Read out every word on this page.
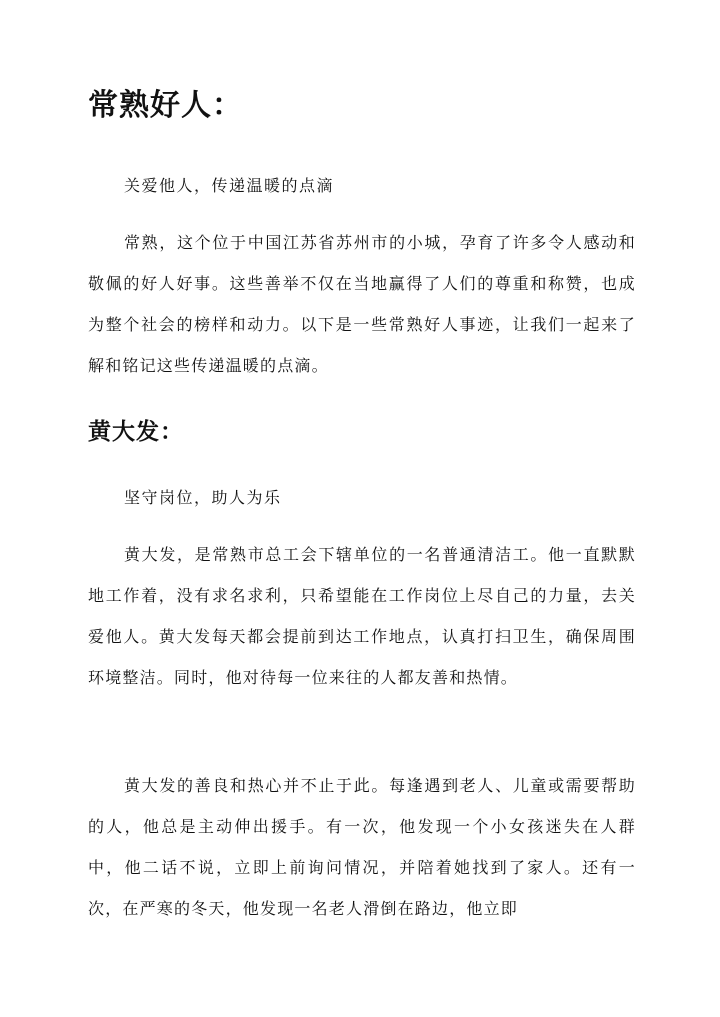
常熟好人：

关爱他人，传递温暖的点滴

常熟，这个位于中国江苏省苏州市的小城，孕育了许多令人感动和敬佩的好人好事。这些善举不仅在当地赢得了人们的尊重和称赞，也成为整个社会的榜样和动力。以下是一些常熟好人事迹，让我们一起来了解和铭记这些传递温暖的点滴。

黄大发：

坚守岗位，助人为乐

黄大发，是常熟市总工会下辖单位的一名普通清洁工。他一直默默地工作着，没有求名求利，只希望能在工作岗位上尽自己的力量，去关爱他人。黄大发每天都会提前到达工作地点，认真打扫卫生，确保周围环境整洁。同时，他对待每一位来往的人都友善和热情。

黄大发的善良和热心并不止于此。每逢遇到老人、儿童或需要帮助的人，他总是主动伸出援手。有一次，他发现一个小女孩迷失在人群中，他二话不说，立即上前询问情况，并陪着她找到了家人。还有一次，在严寒的冬天，他发现一名老人滑倒在路边，他立即
